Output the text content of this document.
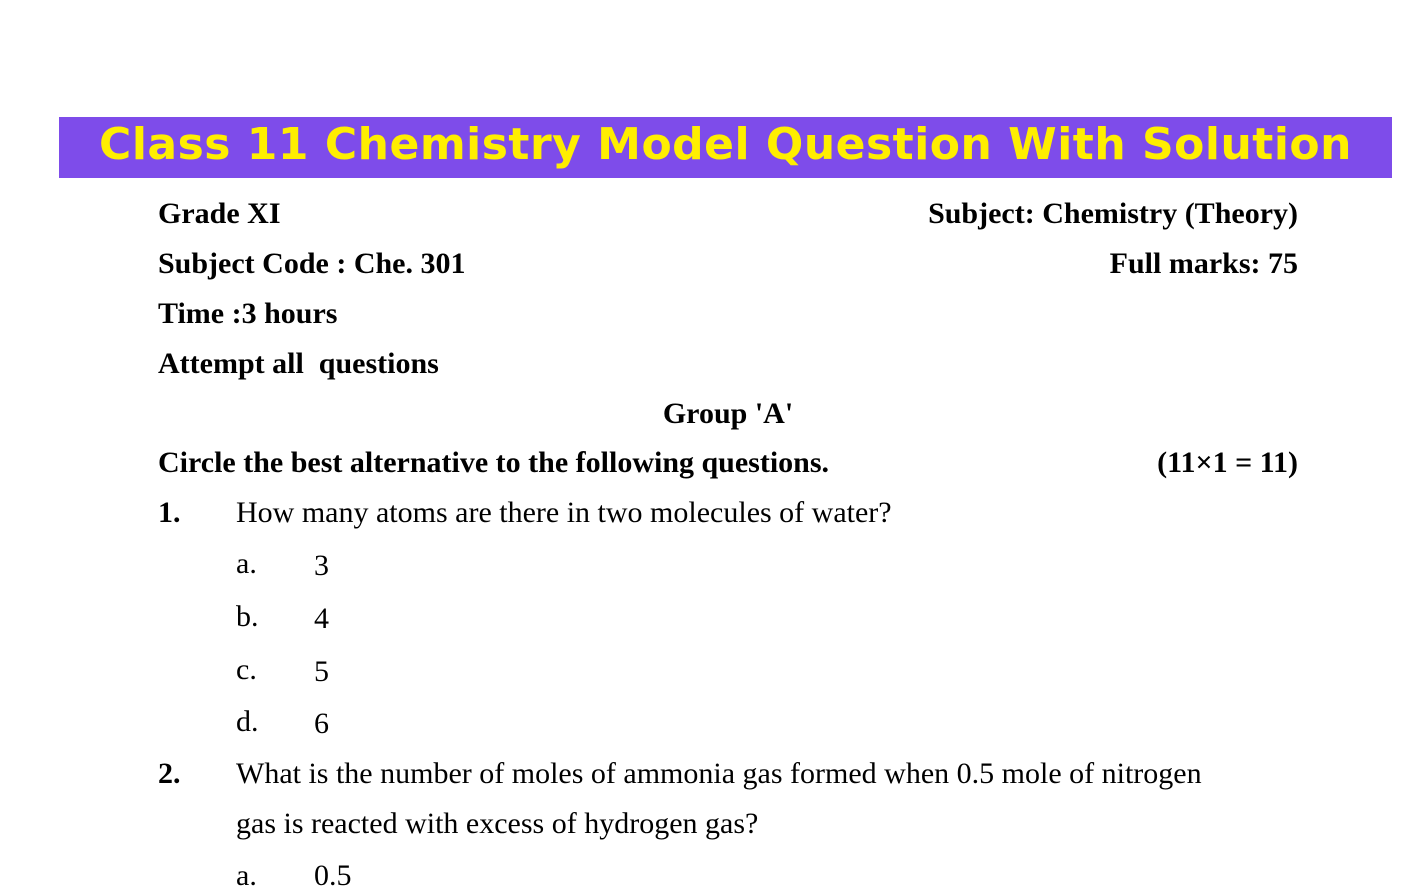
Class 11 Chemistry Model Question With Solution
Grade XI	Subject: Chemistry (Theory)
Subject Code : Che. 301	Full marks: 75
Time :3 hours
Attempt all  questions
Group 'A'
Circle the best alternative to the following questions.	(11×1 = 11)
1. How many atoms are there in two molecules of water?
a. 3
b. 4
c. 5
d. 6
2. What is the number of moles of ammonia gas formed when 0.5 mole of nitrogen
gas is reacted with excess of hydrogen gas?
a. 0.5
